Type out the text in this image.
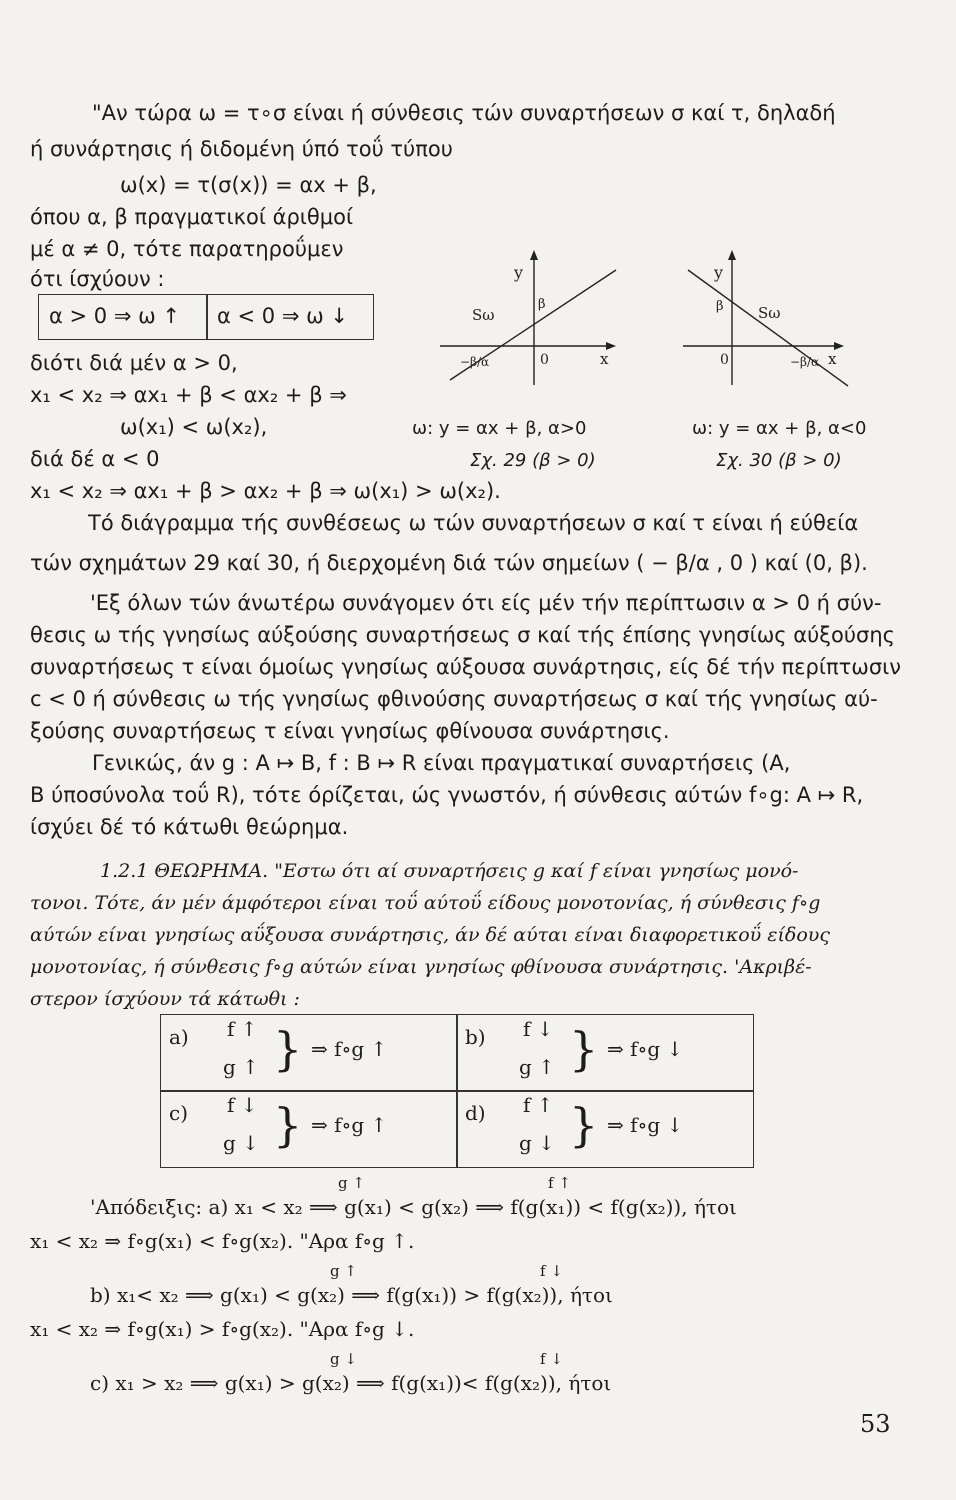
"Αν τώρα ω = τ∘σ είναι ή σύνθεσις τών συναρτήσεων σ καί τ, δηλαδή
ή συνάρτησις ή διδομένη ύπό τοΰ τύπου
ω(x) = τ(σ(x)) = αx + β,
όπου α, β πραγματικοί άριθμοί
μέ α ≠ 0, τότε παρατηροΰμεν
ότι ίσχύουν :
α > 0 ⇒ ω ↑ α < 0 ⇒ ω ↓
διότι διά μέν α > 0,
x₁ < x₂ ⇒ αx₁ + β < αx₂ + β ⇒
ω(x₁) < ω(x₂),
διά δέ α < 0
x₁ < x₂ ⇒ αx₁ + β > αx₂ + β ⇒ ω(x₁) > ω(x₂).
y
x
0
β
Sω
−β/α
ω: y = αx + β, α>0
Σχ. 29 (β > 0)
y
x
0
β Sω
−β/α
ω: y = αx + β, α<0
Σχ. 30 (β > 0)
Τό διάγραμμα τής συνθέσεως ω τών συναρτήσεων σ καί τ είναι ή εύθεία
τών σχημάτων 29 καί 30, ή διερχομένη διά τών σημείων ( − β/α , 0 ) καί (0, β).
'Εξ όλων τών άνωτέρω συνάγομεν ότι είς μέν τήν περίπτωσιν α > 0 ή σύν-
θεσις ω τής γνησίως αύξούσης συναρτήσεως σ καί τής έπίσης γνησίως αύξούσης
συναρτήσεως τ είναι όμοίως γνησίως αύξουσα συνάρτησις, είς δέ τήν περίπτωσιν
c < 0 ή σύνθεσις ω τής γνησίως φθινούσης συναρτήσεως σ καί τής γνησίως αύ-
ξούσης συναρτήσεως τ είναι γνησίως φθίνουσα συνάρτησις.
Γενικώς, άν g : A ↦ B, f : B ↦ R είναι πραγματικαί συναρτήσεις (A,
B ύποσύνολα τοΰ R), τότε όρίζεται, ώς γνωστόν, ή σύνθεσις αύτών f∘g: A ↦ R,
ίσχύει δέ τό κάτωθι θεώρημα.
1.2.1 ΘΕΩΡΗΜΑ. "Εστω ότι αί συναρτήσεις g καί f είναι γνησίως μονό-
τονοι. Τότε, άν μέν άμφότεροι είναι τοΰ αύτοΰ είδους μονοτονίας, ή σύνθεσις f∘g
αύτών είναι γνησίως αΰξουσα συνάρτησις, άν δέ αύται είναι διαφορετικοΰ είδους
μονοτονίας, ή σύνθεσις f∘g αύτών είναι γνησίως φθίνουσα συνάρτησις. 'Ακριβέ-
στερον ίσχύουν τά κάτωθι :
a) f ↑
g ↑ } ⇒ f∘g ↑	b) f ↓
g ↑ } ⇒ f∘g ↓
c) f ↓
g ↓ } ⇒ f∘g ↑	d) f ↑
g ↓ } ⇒ f∘g ↓
g ↑	f ↑
'Απόδειξις: a) x₁ < x₂ ⟹ g(x₁) < g(x₂) ⟹ f(g(x₁)) < f(g(x₂)), ήτοι
x₁ < x₂ ⇒ f∘g(x₁) < f∘g(x₂). "Αρα f∘g ↑.
g ↑	f ↓
b) x₁< x₂ ⟹ g(x₁) < g(x₂) ⟹ f(g(x₁)) > f(g(x₂)), ήτοι
x₁ < x₂ ⇒ f∘g(x₁) > f∘g(x₂). "Αρα f∘g ↓.
g ↓	f ↓
c) x₁ > x₂ ⟹ g(x₁) > g(x₂) ⟹ f(g(x₁))< f(g(x₂)), ήτοι
53
